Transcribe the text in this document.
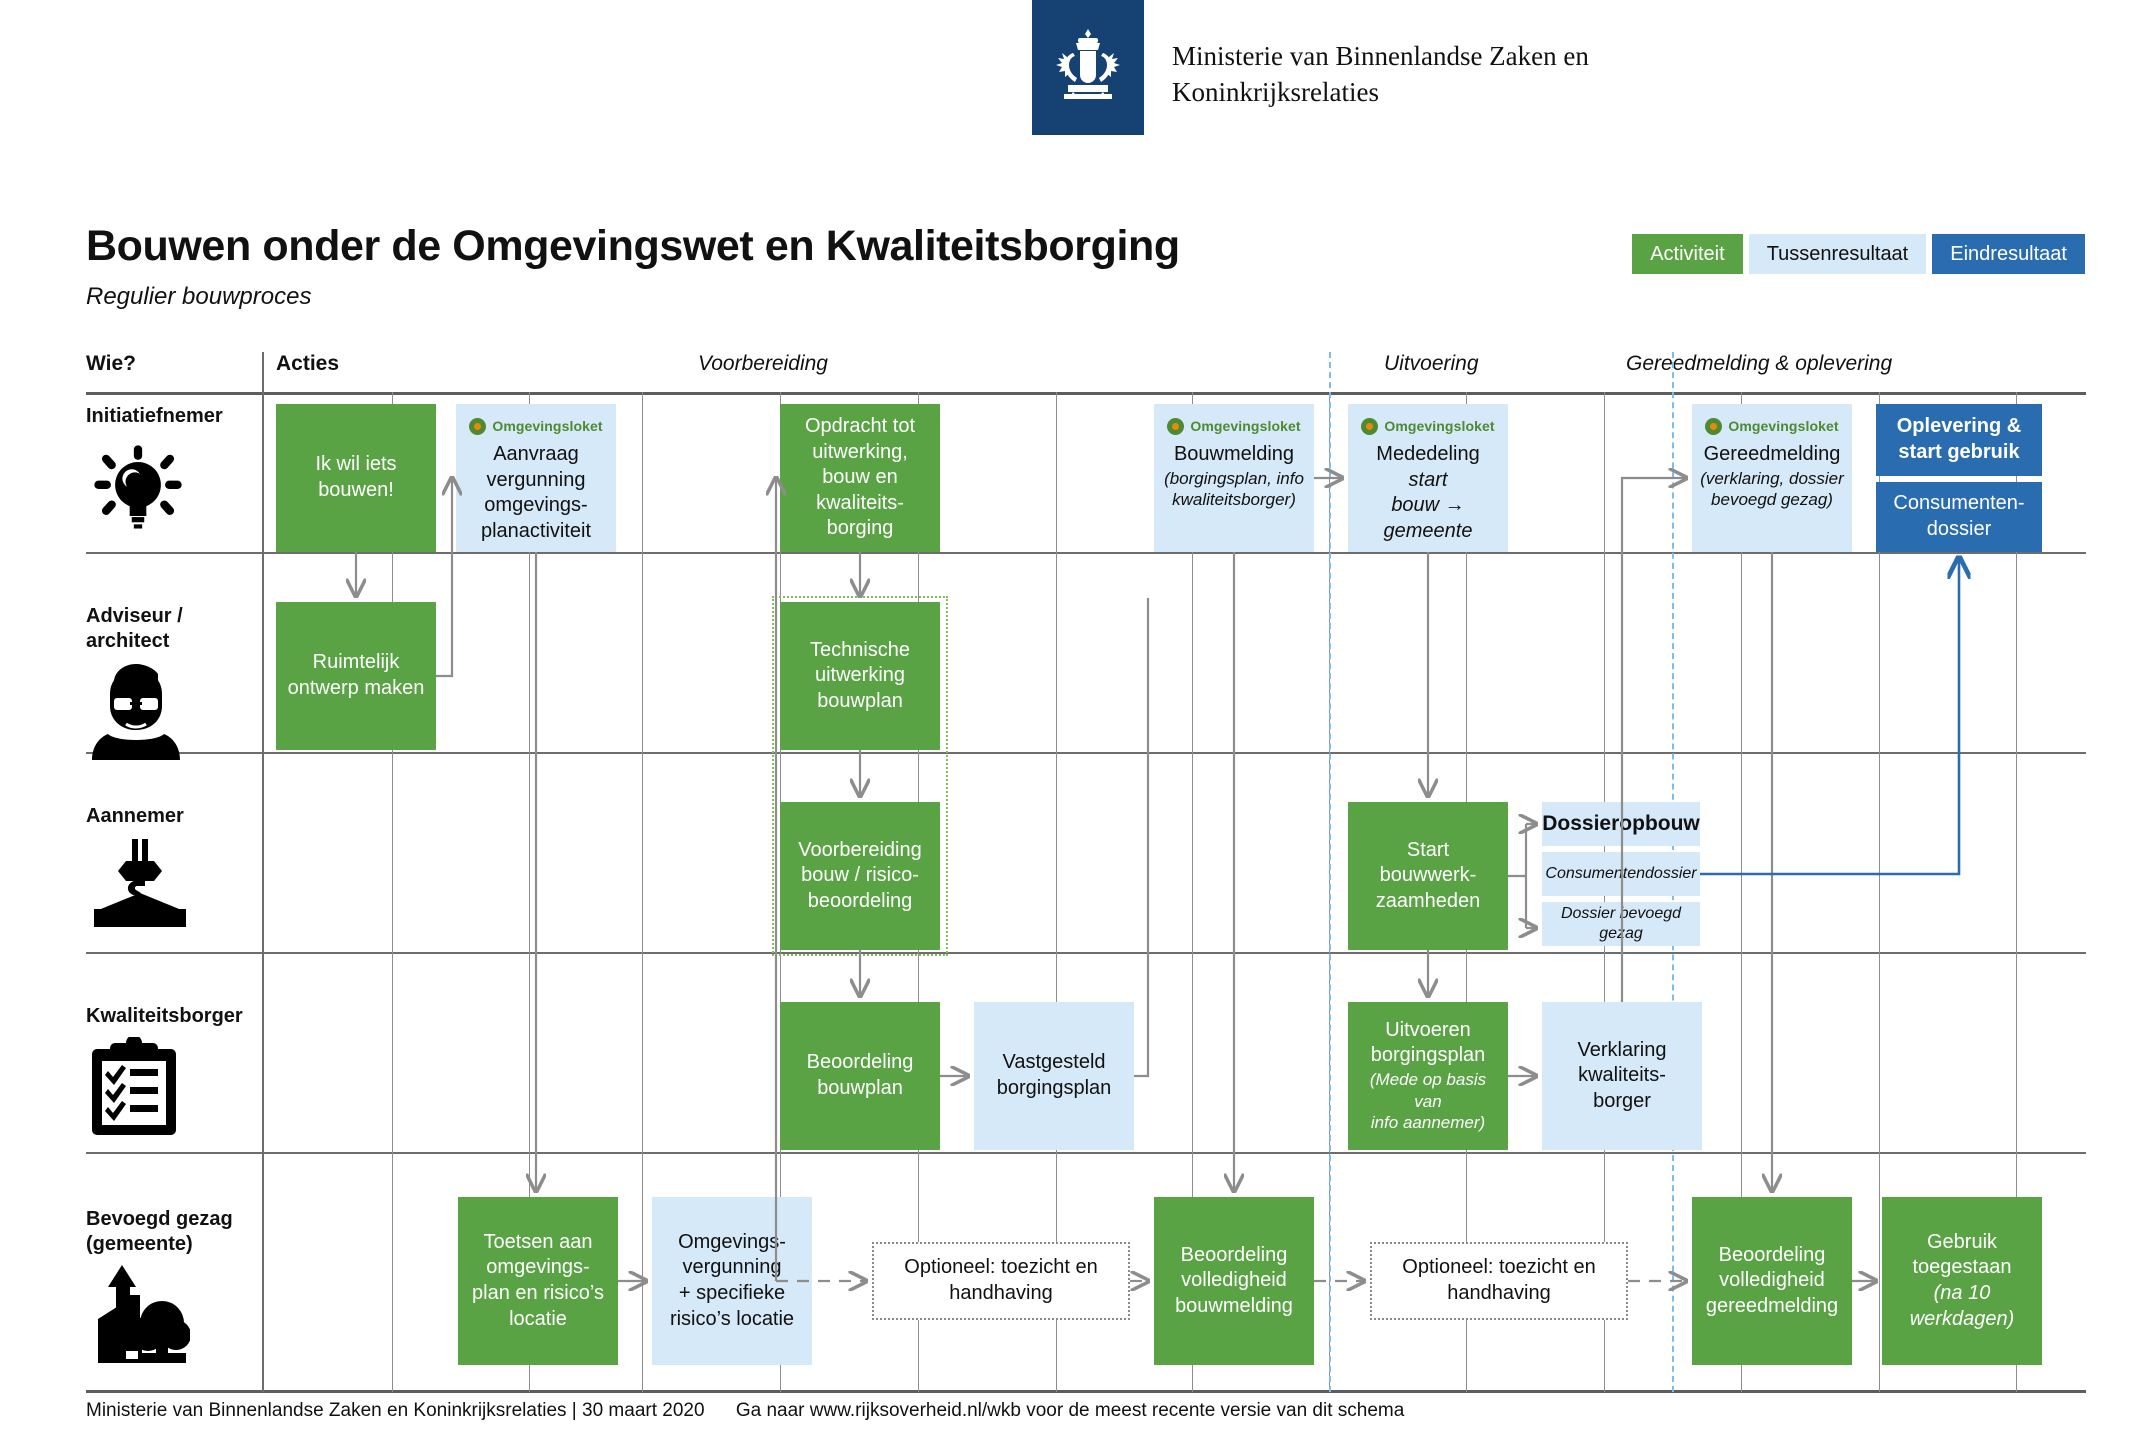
Ministerie van Binnenlandse Zaken en
Koninkrijksrelaties
Bouwen onder de Omgevingswet en Kwaliteitsborging
Regulier bouwproces
Activiteit	Tussenresultaat	Eindresultaat
Wie?	Acties	Voorbereiding	Uitvoering	Gereedmelding & oplevering
Initiatiefnemer
Adviseur /
architect
Aannemer
Kwaliteitsborger
Bevoegd gezag
(gemeente)
Ik wil iets
bouwen!
Omgevingsloket
Aanvraag
vergunning
omgevings-
planactiviteit
Opdracht tot
uitwerking,
bouw en
kwaliteits-
borging
Omgevingsloket
Bouwmelding
(borgingsplan, info
kwaliteitsborger)
Omgevingsloket
Mededeling start
bouw → gemeente
Omgevingsloket
Gereedmelding
(verklaring, dossier
bevoegd gezag)
Oplevering &
start gebruik
Consumenten-
dossier
Ruimtelijk
ontwerp maken
Technische
uitwerking
bouwplan
Voorbereiding
bouw / risico-
beoordeling
Start
bouwwerk-
zaamheden
Dossieropbouw
Consumentendossier
Dossier bevoegd gezag
Beoordeling
bouwplan
Vastgesteld
borgingsplan
Uitvoeren
borgingsplan
(Mede op basis van
info aannemer)
Verklaring
kwaliteits-
borger
Toetsen aan
omgevings-
plan en risico’s
locatie
Omgevings-
vergunning
+ specifieke
risico’s locatie
Optioneel: toezicht en
handhaving
Beoordeling
volledigheid
bouwmelding
Optioneel: toezicht en
handhaving
Beoordeling
volledigheid
gereedmelding
Gebruik
toegestaan
(na 10
werkdagen)
Ministerie van Binnenlandse Zaken en Koninkrijksrelaties | 30 maart 2020 Ga naar www.rijksoverheid.nl/wkb voor de meest recente versie van dit schema
